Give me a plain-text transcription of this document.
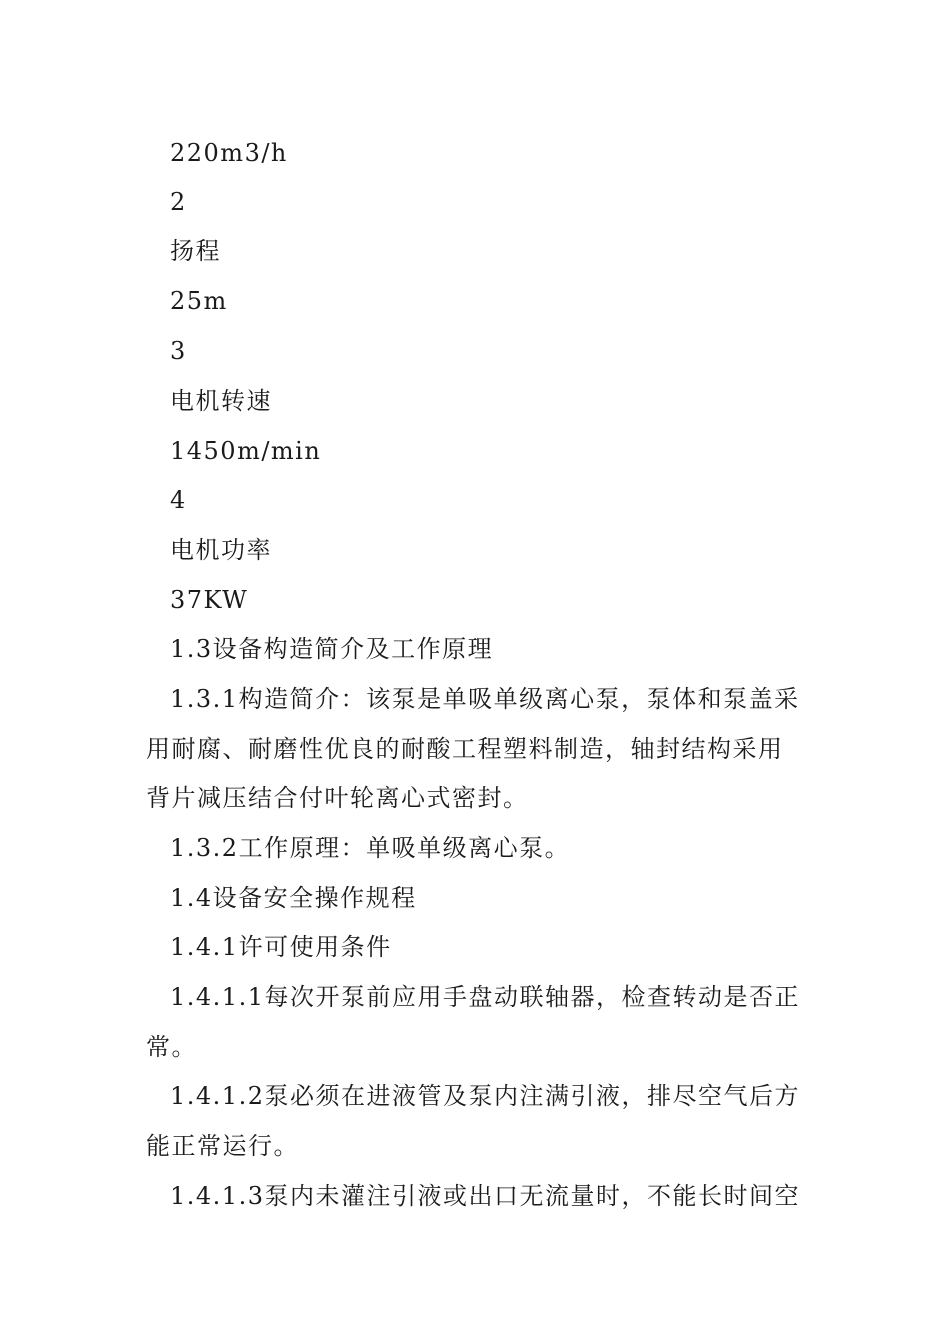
220m3/h
2
扬程
25m
3
电机转速
1450m/min
4
电机功率
37KW
1.3设备构造简介及工作原理
1.3.1构造简介：该泵是单吸单级离心泵，泵体和泵盖采
用耐腐、耐磨性优良的耐酸工程塑料制造，轴封结构采用
背片减压结合付叶轮离心式密封。
1.3.2工作原理：单吸单级离心泵。
1.4设备安全操作规程
1.4.1许可使用条件
1.4.1.1每次开泵前应用手盘动联轴器，检查转动是否正
常。
1.4.1.2泵必须在进液管及泵内注满引液，排尽空气后方
能正常运行。
1.4.1.3泵内未灌注引液或出口无流量时，不能长时间空
